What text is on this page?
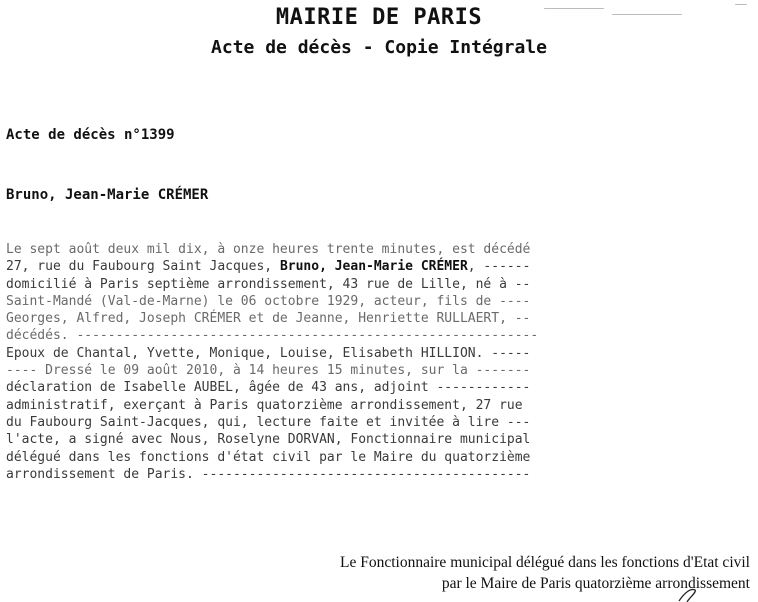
MAIRIE DE PARIS
Acte de décès - Copie Intégrale
Acte de décès n°1399
Bruno, Jean-Marie CRÉMER
Le sept août deux mil dix, à onze heures trente minutes, est décédé
27, rue du Faubourg Saint Jacques, Bruno, Jean-Marie CRÉMER, ------
domicilié à Paris septième arrondissement, 43 rue de Lille, né à --
Saint-Mandé (Val-de-Marne) le 06 octobre 1929, acteur, fils de ----
Georges, Alfred, Joseph CRÉMER et de Jeanne, Henriette RULLAERT, --
décédés. -----------------------------------------------------------
Epoux de Chantal, Yvette, Monique, Louise, Elisabeth HILLION. -----
---- Dressé le 09 août 2010, à 14 heures 15 minutes, sur la -------
déclaration de Isabelle AUBEL, âgée de 43 ans, adjoint ------------
administratif, exerçant à Paris quatorzième arrondissement, 27 rue
du Faubourg Saint-Jacques, qui, lecture faite et invitée à lire ---
l'acte, a signé avec Nous, Roselyne DORVAN, Fonctionnaire municipal
délégué dans les fonctions d'état civil par le Maire du quatorzième
arrondissement de Paris. ------------------------------------------
Le Fonctionnaire municipal délégué dans les fonctions d'Etat civil
par le Maire de Paris quatorzième arrondissement
